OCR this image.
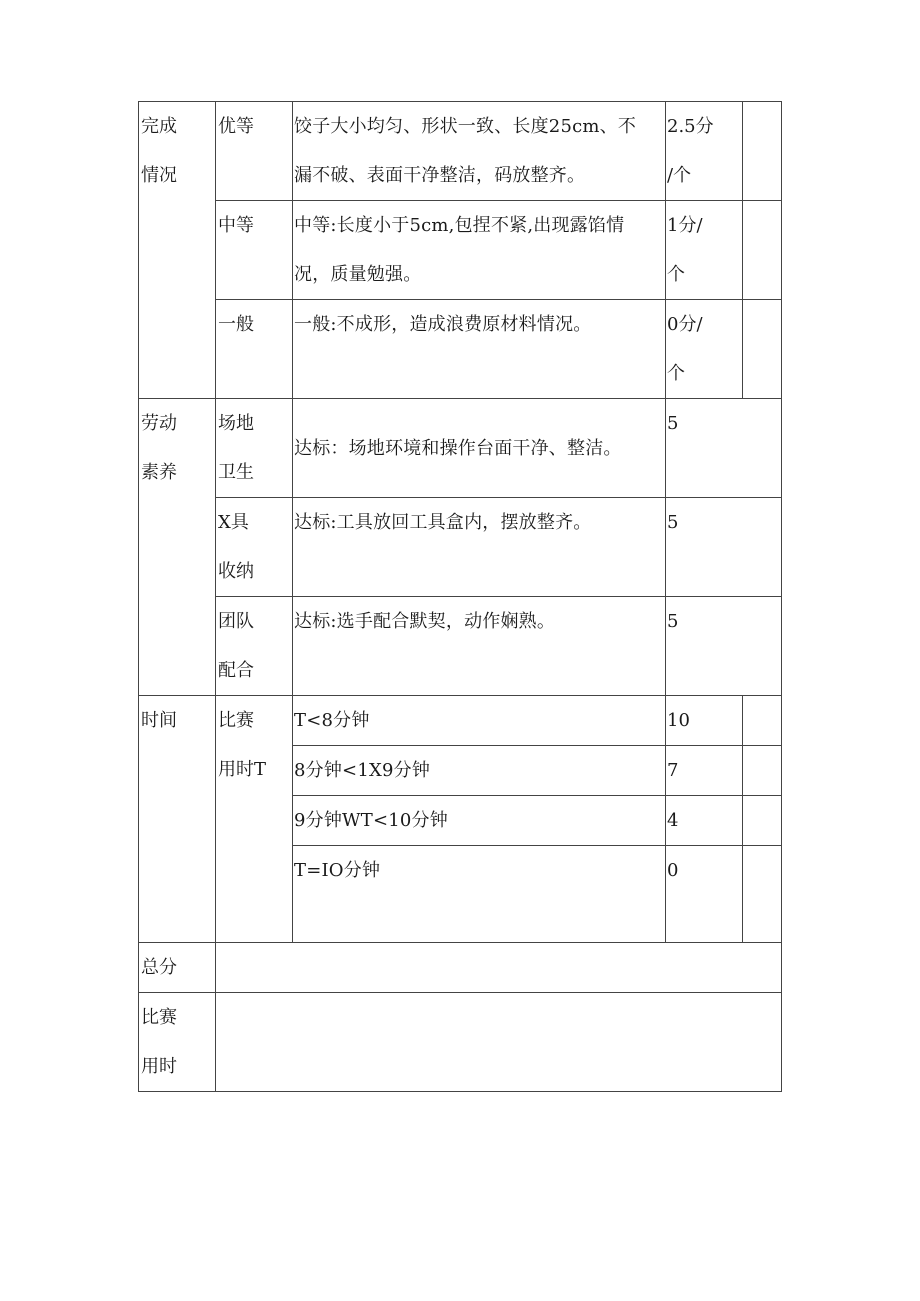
完成
情况	优等	饺子大小均匀、形状一致、长度25cm、不
漏不破、表面干净整洁，码放整齐。	2.5分
/个	

	中等	中等:长度小于5cm,包捏不紧,出现露馅情
况，质量勉强。	1分/
个	

	一般	一般:不成形，造成浪费原材料情况。	0分/
个	

劳动
素养	场地
卫生	达标：场地环境和操作台面干净、整洁。	5	

	X具
收纳	达标:工具放回工具盒内，摆放整齐。	5	

	团队
配合	达标:选手配合默契，动作娴熟。	5	

时间	比赛
用时T	T<8分钟	10	

		8分钟<1X9分钟	7	

		9分钟WT<10分钟	4	

		T=IO分钟	0	

总分				

比赛
用时				
